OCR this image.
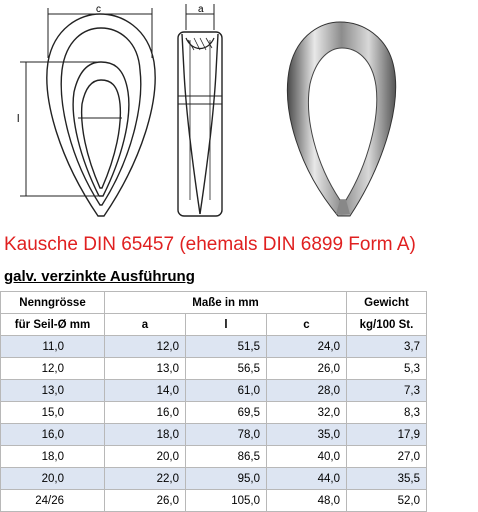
c
l
a
Kausche DIN 65457 (ehemals DIN 6899 Form A)
galv. verzinkte Ausführung
Nenngrösse	Maße in mm			Gewicht
für Seil-Ø mm	a	l	c	kg/100 St.
11,0	12,0	51,5	24,0	3,7
12,0	13,0	56,5	26,0	5,3
13,0	14,0	61,0	28,0	7,3
15,0	16,0	69,5	32,0	8,3
16,0	18,0	78,0	35,0	17,9
18,0	20,0	86,5	40,0	27,0
20,0	22,0	95,0	44,0	35,5
24/26	26,0	105,0	48,0	52,0
